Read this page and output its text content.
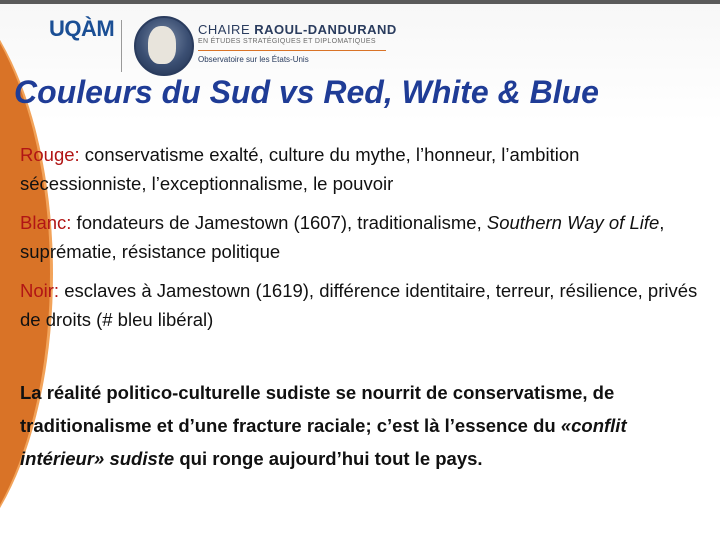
UQÀM	CHAIRE RAOUL-DANDURAND
EN ÉTUDES STRATÉGIQUES ET DIPLOMATIQUES
Observatoire sur les États-Unis
Couleurs du Sud vs Red, White & Blue

Rouge: conservatisme exalté, culture du mythe, l’honneur, l’ambition sécessionniste, l’exceptionnalisme, le pouvoir

Blanc: fondateurs de Jamestown (1607), traditionalisme, Southern Way of Life, suprématie, résistance politique

Noir: esclaves à Jamestown (1619), différence identitaire, terreur, résilience, privés de droits (# bleu libéral)

La réalité politico-culturelle sudiste se nourrit de conservatisme, de traditionalisme et d’une fracture raciale; c’est là l’essence du «conflit intérieur» sudiste qui ronge aujourd’hui tout le pays.
